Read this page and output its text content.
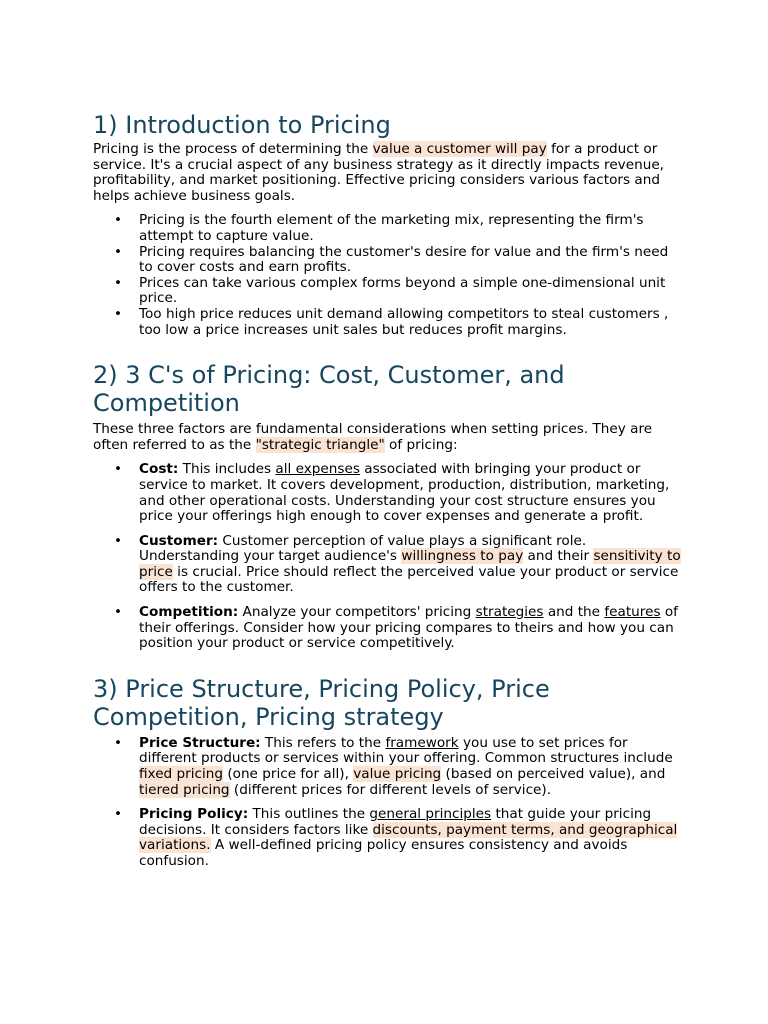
1) Introduction to Pricing

Pricing is the process of determining the value a customer will pay for a product or service. It's a crucial aspect of any business strategy as it directly impacts revenue, profitability, and market positioning. Effective pricing considers various factors and helps achieve business goals.

• Pricing is the fourth element of the marketing mix, representing the firm's attempt to capture value.
• Pricing requires balancing the customer's desire for value and the firm's need to cover costs and earn profits.
• Prices can take various complex forms beyond a simple one-dimensional unit price.
• Too high price reduces unit demand allowing competitors to steal customers , too low a price increases unit sales but reduces profit margins.
2) 3 C's of Pricing: Cost, Customer, and Competition

These three factors are fundamental considerations when setting prices. They are often referred to as the "strategic triangle" of pricing:

• Cost: This includes all expenses associated with bringing your product or service to market. It covers development, production, distribution, marketing, and other operational costs. Understanding your cost structure ensures you price your offerings high enough to cover expenses and generate a profit.
• Customer: Customer perception of value plays a significant role. Understanding your target audience's willingness to pay and their sensitivity to price is crucial. Price should reflect the perceived value your product or service offers to the customer.
• Competition: Analyze your competitors' pricing strategies and the features of their offerings. Consider how your pricing compares to theirs and how you can position your product or service competitively.
3) Price Structure, Pricing Policy, Price Competition, Pricing strategy
• Price Structure: This refers to the framework you use to set prices for different products or services within your offering. Common structures include fixed pricing (one price for all), value pricing (based on perceived value), and tiered pricing (different prices for different levels of service).
• Pricing Policy: This outlines the general principles that guide your pricing decisions. It considers factors like discounts, payment terms, and geographical variations. A well-defined pricing policy ensures consistency and avoids confusion.
